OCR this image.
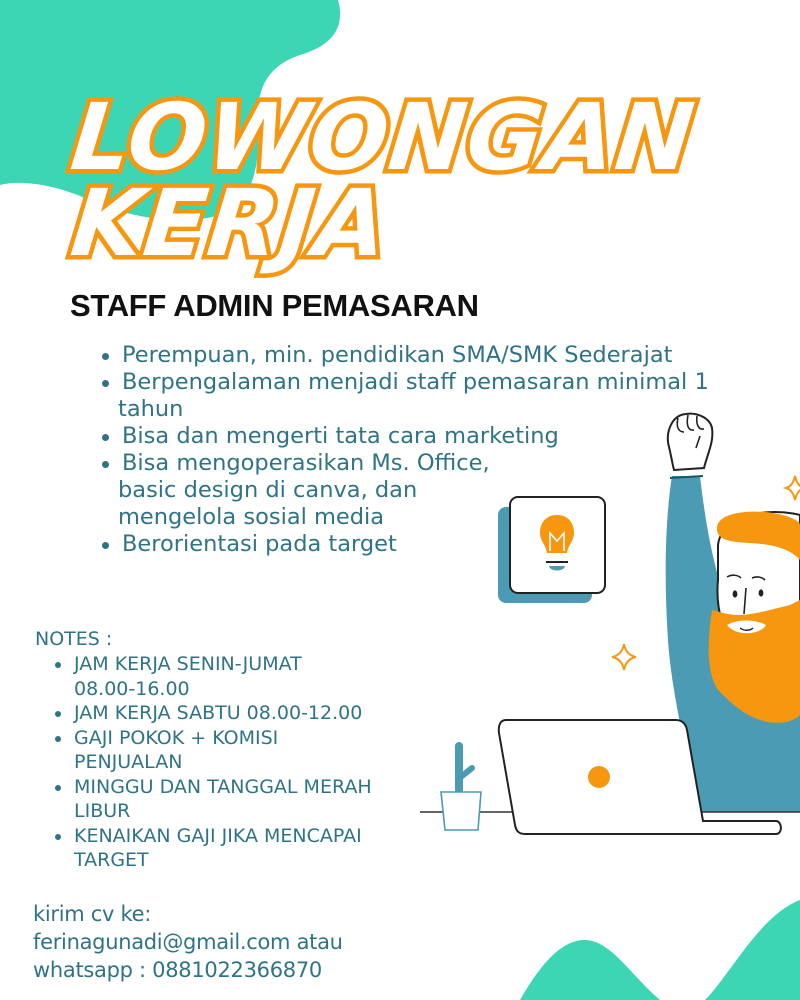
LOWONGAN
KERJA
STAFF ADMIN PEMASARAN
Perempuan, min. pendidikan SMA/SMK Sederajat
Berpengalaman menjadi staff pemasaran minimal 1
tahun
Bisa dan mengerti tata cara marketing
Bisa mengoperasikan Ms. Office,
basic design di canva, dan
mengelola sosial media
Berorientasi pada target
NOTES :
JAM KERJA SENIN-JUMAT
08.00-16.00
JAM KERJA SABTU 08.00-12.00
GAJI POKOK + KOMISI
PENJUALAN
MINGGU DAN TANGGAL MERAH
LIBUR
KENAIKAN GAJI JIKA MENCAPAI
TARGET
kirim cv ke:
ferinagunadi@gmail.com atau
whatsapp : 0881022366870
